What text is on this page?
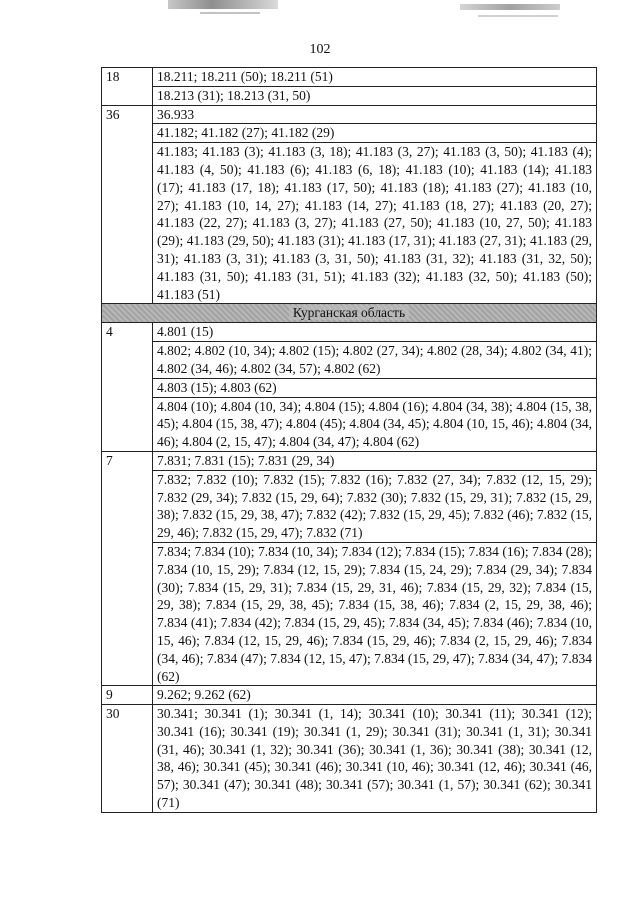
102
18	18.211; 18.211 (50); 18.211 (51)
	18.213 (31); 18.213 (31, 50)
36	36.933
	41.182; 41.182 (27); 41.182 (29)
	41.183; 41.183 (3); 41.183 (3, 18); 41.183 (3, 27); 41.183 (3, 50); 41.183 (4); 41.183 (4, 50); 41.183 (6); 41.183 (6, 18); 41.183 (10); 41.183 (14); 41.183 (17); 41.183 (17, 18); 41.183 (17, 50); 41.183 (18); 41.183 (27); 41.183 (10, 27); 41.183 (10, 14, 27); 41.183 (14, 27); 41.183 (18, 27); 41.183 (20, 27); 41.183 (22, 27); 41.183 (3, 27); 41.183 (27, 50); 41.183 (10, 27, 50); 41.183 (29); 41.183 (29, 50); 41.183 (31); 41.183 (17, 31); 41.183 (27, 31); 41.183 (29, 31); 41.183 (3, 31); 41.183 (3, 31, 50); 41.183 (31, 32); 41.183 (31, 32, 50); 41.183 (31, 50); 41.183 (31, 51); 41.183 (32); 41.183 (32, 50); 41.183 (50); 41.183 (51)
Курганская область	
4	4.801 (15)
	4.802; 4.802 (10, 34); 4.802 (15); 4.802 (27, 34); 4.802 (28, 34); 4.802 (34, 41); 4.802 (34, 46); 4.802 (34, 57); 4.802 (62)
	4.803 (15); 4.803 (62)
	4.804 (10); 4.804 (10, 34); 4.804 (15); 4.804 (16); 4.804 (34, 38); 4.804 (15, 38, 45); 4.804 (15, 38, 47); 4.804 (45); 4.804 (34, 45); 4.804 (10, 15, 46); 4.804 (34, 46); 4.804 (2, 15, 47); 4.804 (34, 47); 4.804 (62)
7	7.831; 7.831 (15); 7.831 (29, 34)
	7.832; 7.832 (10); 7.832 (15); 7.832 (16); 7.832 (27, 34); 7.832 (12, 15, 29); 7.832 (29, 34); 7.832 (15, 29, 64); 7.832 (30); 7.832 (15, 29, 31); 7.832 (15, 29, 38); 7.832 (15, 29, 38, 47); 7.832 (42); 7.832 (15, 29, 45); 7.832 (46); 7.832 (15, 29, 46); 7.832 (15, 29, 47); 7.832 (71)
	7.834; 7.834 (10); 7.834 (10, 34); 7.834 (12); 7.834 (15); 7.834 (16); 7.834 (28); 7.834 (10, 15, 29); 7.834 (12, 15, 29); 7.834 (15, 24, 29); 7.834 (29, 34); 7.834 (30); 7.834 (15, 29, 31); 7.834 (15, 29, 31, 46); 7.834 (15, 29, 32); 7.834 (15, 29, 38); 7.834 (15, 29, 38, 45); 7.834 (15, 38, 46); 7.834 (2, 15, 29, 38, 46); 7.834 (41); 7.834 (42); 7.834 (15, 29, 45); 7.834 (34, 45); 7.834 (46); 7.834 (10, 15, 46); 7.834 (12, 15, 29, 46); 7.834 (15, 29, 46); 7.834 (2, 15, 29, 46); 7.834 (34, 46); 7.834 (47); 7.834 (12, 15, 47); 7.834 (15, 29, 47); 7.834 (34, 47); 7.834 (62)
9	9.262; 9.262 (62)
30	30.341; 30.341 (1); 30.341 (1, 14); 30.341 (10); 30.341 (11); 30.341 (12); 30.341 (16); 30.341 (19); 30.341 (1, 29); 30.341 (31); 30.341 (1, 31); 30.341 (31, 46); 30.341 (1, 32); 30.341 (36); 30.341 (1, 36); 30.341 (38); 30.341 (12, 38, 46); 30.341 (45); 30.341 (46); 30.341 (10, 46); 30.341 (12, 46); 30.341 (46, 57); 30.341 (47); 30.341 (48); 30.341 (57); 30.341 (1, 57); 30.341 (62); 30.341 (71)
